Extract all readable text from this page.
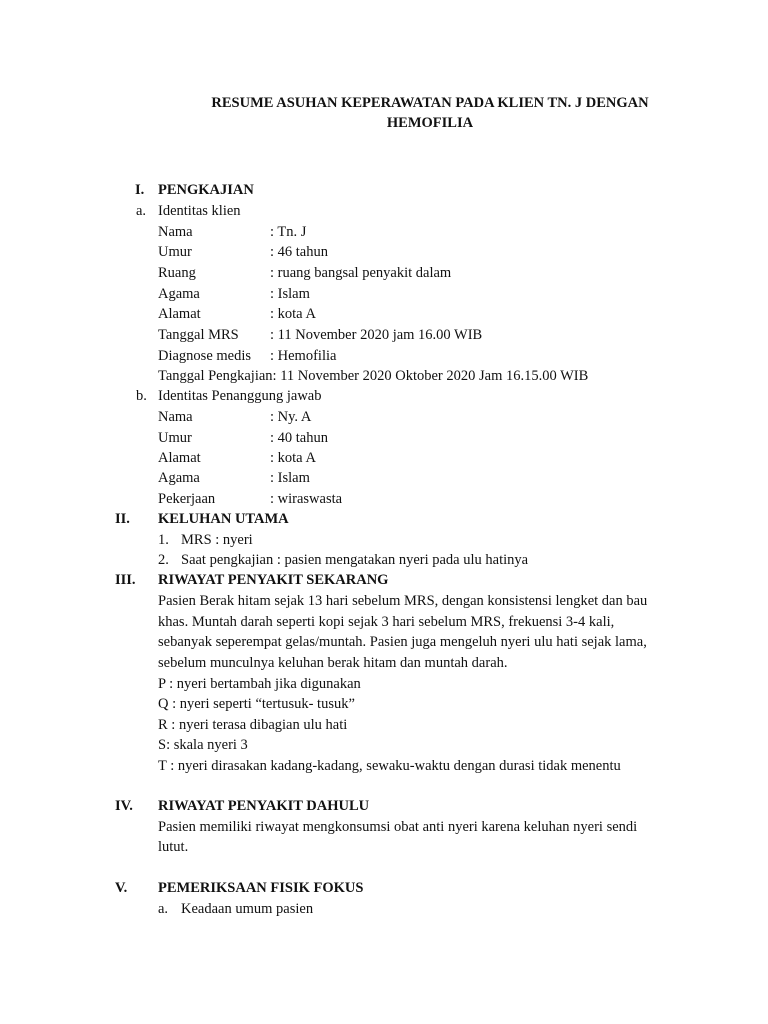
RESUME ASUHAN KEPERAWATAN PADA KLIEN TN. J DENGAN
HEMOFILIA
I. PENGKAJIAN
a. Identitas klien
Nama	: Tn. J
Umur	: 46 tahun
Ruang	: ruang bangsal penyakit dalam
Agama	: Islam
Alamat	: kota A
Tanggal MRS : 11 November 2020 jam 16.00 WIB
Diagnose medis : Hemofilia
Tanggal Pengkajian: 11 November 2020 Oktober 2020 Jam 16.15.00 WIB
b. Identitas Penanggung jawab
Nama	: Ny. A
Umur	: 40 tahun
Alamat	: kota A
Agama	: Islam
Pekerjaan	: wiraswasta
II. KELUHAN UTAMA
1. MRS : nyeri
2. Saat pengkajian : pasien mengatakan nyeri pada ulu hatinya
III. RIWAYAT PENYAKIT SEKARANG
Pasien Berak hitam sejak 13 hari sebelum MRS, dengan konsistensi lengket dan bau
khas. Muntah darah seperti kopi sejak 3 hari sebelum MRS, frekuensi 3-4 kali,
sebanyak seperempat gelas/muntah. Pasien juga mengeluh nyeri ulu hati sejak lama,
sebelum munculnya keluhan berak hitam dan muntah darah.
P : nyeri bertambah jika digunakan
Q : nyeri seperti “tertusuk- tusuk”
R : nyeri terasa dibagian ulu hati
S: skala nyeri 3
T : nyeri dirasakan kadang-kadang, sewaku-waktu dengan durasi tidak menentu
IV. RIWAYAT PENYAKIT DAHULU
Pasien memiliki riwayat mengkonsumsi obat anti nyeri karena keluhan nyeri sendi
lutut.
V. PEMERIKSAAN FISIK FOKUS
a. Keadaan umum pasien
